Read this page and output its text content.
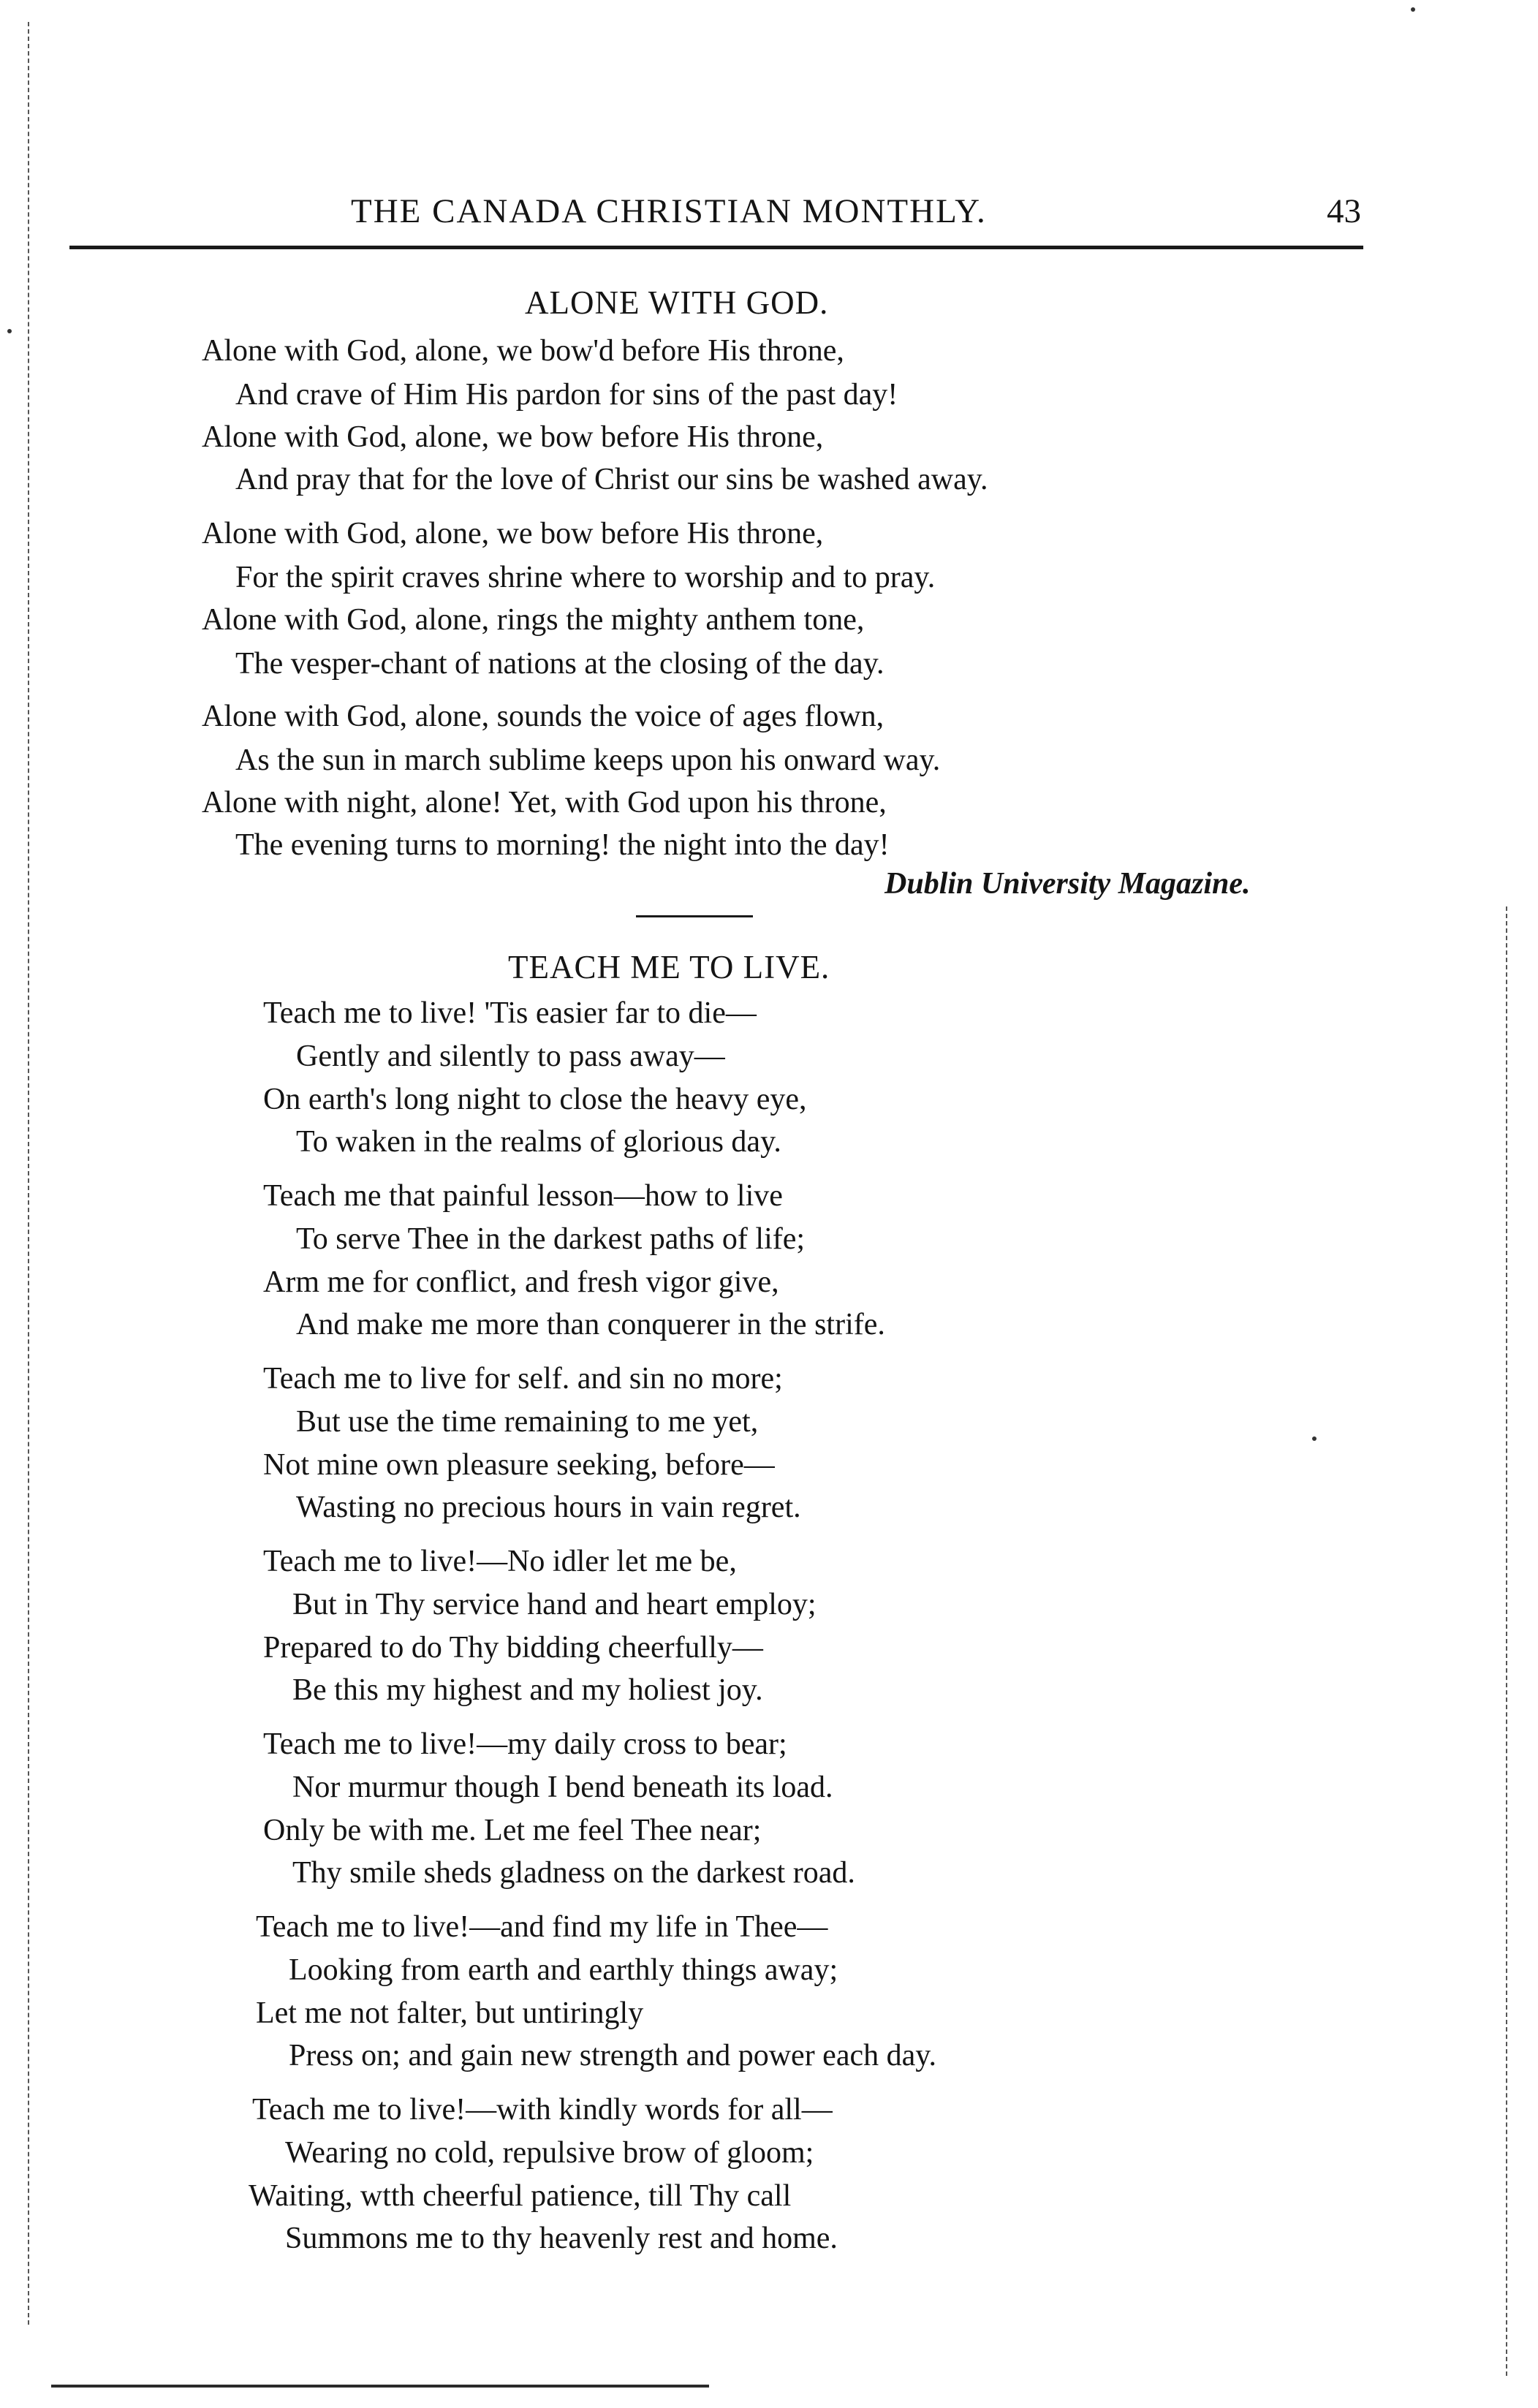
THE CANADA CHRISTIAN MONTHLY.	43
ALONE WITH GOD.
Alone with God, alone, we bow'd before His throne,
And crave of Him His pardon for sins of the past day!
Alone with God, alone, we bow before His throne,
And pray that for the love of Christ our sins be washed away.
Alone with God, alone, we bow before His throne,
For the spirit craves shrine where to worship and to pray.
Alone with God, alone, rings the mighty anthem tone,
The vesper-chant of nations at the closing of the day.
Alone with God, alone, sounds the voice of ages flown,
As the sun in march sublime keeps upon his onward way.
Alone with night, alone! Yet, with God upon his throne,
The evening turns to morning! the night into the day!
Dublin University Magazine.
TEACH ME TO LIVE.
Teach me to live! 'Tis easier far to die—
Gently and silently to pass away—
On earth's long night to close the heavy eye,
To waken in the realms of glorious day.
Teach me that painful lesson—how to live
To serve Thee in the darkest paths of life;
Arm me for conflict, and fresh vigor give,
And make me more than conquerer in the strife.
Teach me to live for self. and sin no more;
But use the time remaining to me yet,
Not mine own pleasure seeking, before—
Wasting no precious hours in vain regret.
Teach me to live!—No idler let me be,
But in Thy service hand and heart employ;
Prepared to do Thy bidding cheerfully—
Be this my highest and my holiest joy.
Teach me to live!—my daily cross to bear;
Nor murmur though I bend beneath its load.
Only be with me. Let me feel Thee near;
Thy smile sheds gladness on the darkest road.
Teach me to live!—and find my life in Thee—
Looking from earth and earthly things away;
Let me not falter, but untiringly
Press on; and gain new strength and power each day.
Teach me to live!—with kindly words for all—
Wearing no cold, repulsive brow of gloom;
Waiting, wtth cheerful patience, till Thy call
Summons me to thy heavenly rest and home.
